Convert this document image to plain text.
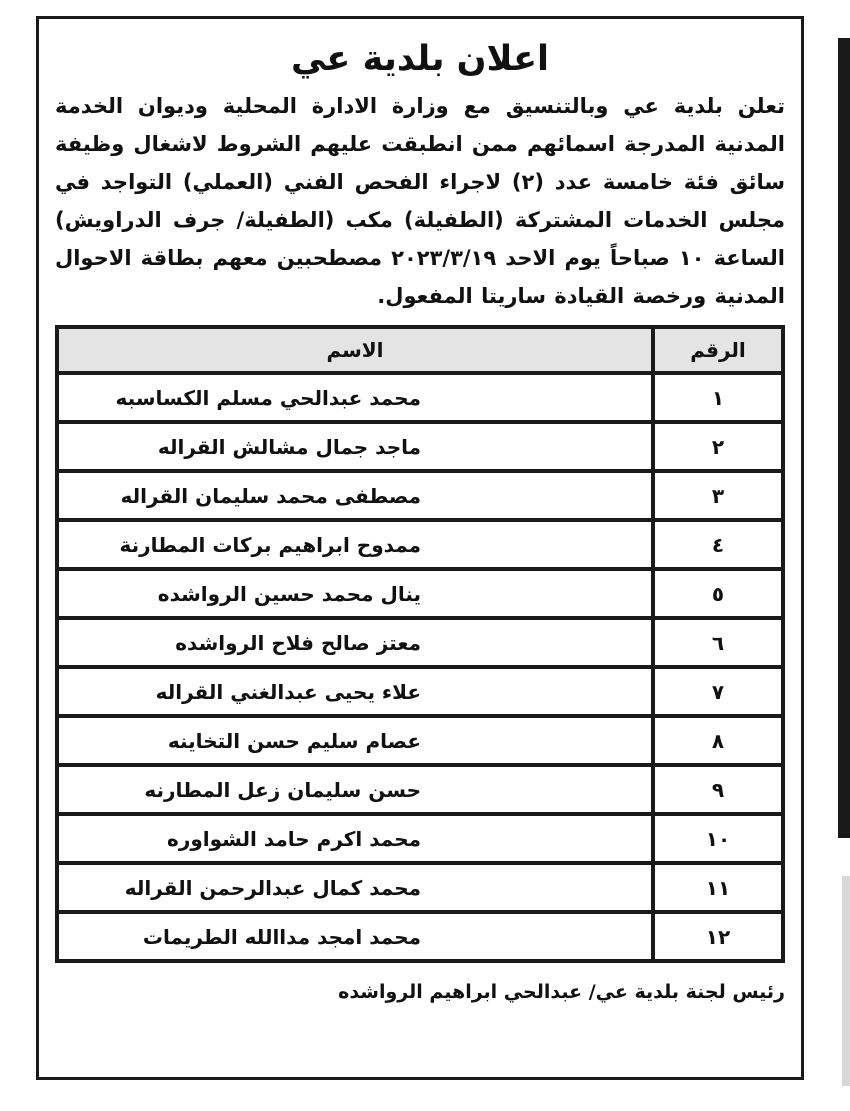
اعلان بلدية عي

تعلن بلدية عي وبالتنسيق مع وزارة الادارة المحلية وديوان الخدمة المدنية المدرجة اسمائهم ممن انطبقت عليهم الشروط لاشغال وظيفة سائق فئة خامسة عدد (٢) لاجراء الفحص الفني (العملي) التواجد في مجلس الخدمات المشتركة (الطفيلة) مكب (الطفيلة/ جرف الدراويش) الساعة ١٠ صباحاً يوم الاحد ٢٠٢٣/٣/١٩ مصطحبين معهم بطاقة الاحوال المدنية ورخصة القيادة ساريتا المفعول.

الرقم	الاسم
١	محمد عبدالحي مسلم الكساسبه
٢	ماجد جمال مشالش القراله
٣	مصطفى محمد سليمان القراله
٤	ممدوح ابراهيم بركات المطارنة
٥	ينال محمد حسين الرواشده
٦	معتز صالح فلاح الرواشده
٧	علاء يحيى عبدالغني القراله
٨	عصام سليم حسن التخاينه
٩	حسن سليمان زعل المطارنه
١٠	محمد اكرم حامد الشواوره
١١	محمد كمال عبدالرحمن القراله
١٢	محمد امجد مداالله الطريمات
رئيس لجنة بلدية عي/ عبدالحي ابراهيم الرواشده
